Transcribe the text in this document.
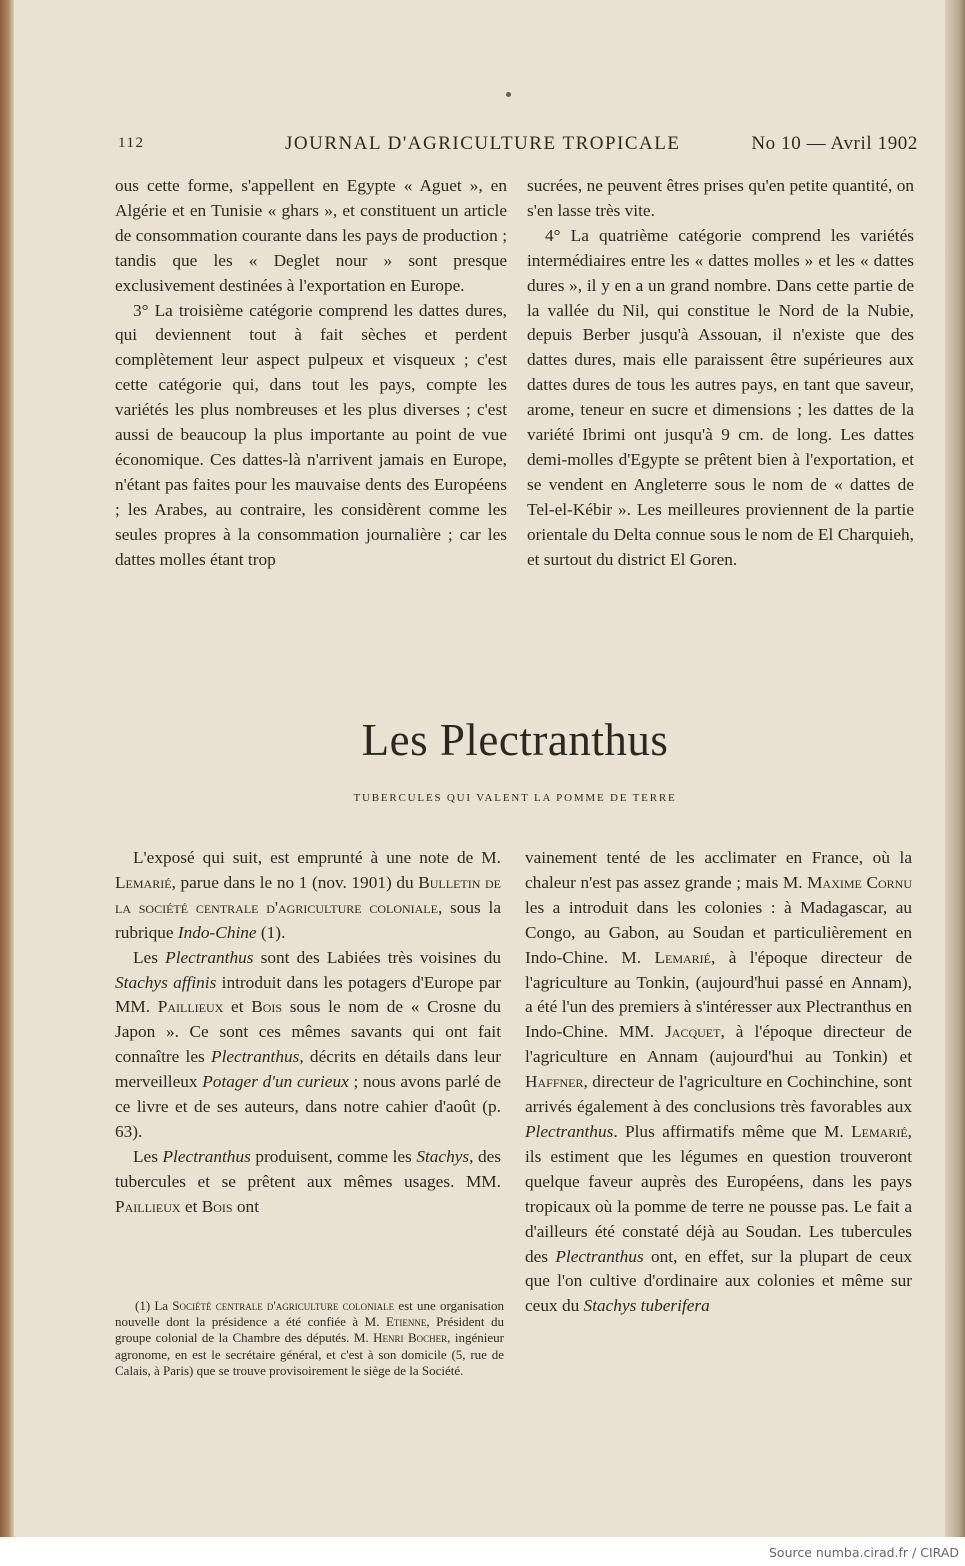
112	JOURNAL D'AGRICULTURE TROPICALE	No 10 — Avril 1902

ous cette forme, s'appellent en Egypte « Aguet », en Algérie et en Tunisie « ghars », et constituent un article de consommation courante dans les pays de production ; tandis que les « Deglet nour » sont presque exclusivement destinées à l'exportation en Europe.

3° La troisième catégorie comprend les dattes dures, qui deviennent tout à fait sèches et perdent complètement leur aspect pulpeux et visqueux ; c'est cette catégorie qui, dans tout les pays, compte les variétés les plus nombreuses et les plus diverses ; c'est aussi de beaucoup la plus importante au point de vue économique. Ces dattes-là n'arrivent jamais en Europe, n'étant pas faites pour les mauvaise dents des Européens ; les Arabes, au contraire, les considèrent comme les seules propres à la consommation journalière ; car les dattes molles étant trop

sucrées, ne peuvent êtres prises qu'en petite quantité, on s'en lasse très vite.

4° La quatrième catégorie comprend les variétés intermédiaires entre les « dattes molles » et les « dattes dures », il y en a un grand nombre. Dans cette partie de la vallée du Nil, qui constitue le Nord de la Nubie, depuis Berber jusqu'à Assouan, il n'existe que des dattes dures, mais elle paraissent être supérieures aux dattes dures de tous les autres pays, en tant que saveur, arome, teneur en sucre et dimensions ; les dattes de la variété Ibrimi ont jusqu'à 9 cm. de long. Les dattes demi-molles d'Egypte se prêtent bien à l'exportation, et se vendent en Angleterre sous le nom de « dattes de Tel-el-Kébir ». Les meilleures proviennent de la partie orientale du Delta connue sous le nom de El Charquieh, et surtout du district El Goren.

Les Plectranthus
TUBERCULES QUI VALENT LA POMME DE TERRE

L'exposé qui suit, est emprunté à une note de M. Lemarié, parue dans le no 1 (nov. 1901) du Bulletin de la société centrale d'agriculture coloniale, sous la rubrique Indo-Chine (1).

Les Plectranthus sont des Labiées très voisines du Stachys affinis introduit dans les potagers d'Europe par MM. Paillieux et Bois sous le nom de « Crosne du Japon ». Ce sont ces mêmes savants qui ont fait connaître les Plectranthus, décrits en détails dans leur merveilleux Potager d'un curieux ; nous avons parlé de ce livre et de ses auteurs, dans notre cahier d'août (p. 63).

Les Plectranthus produisent, comme les Stachys, des tubercules et se prêtent aux mêmes usages. MM. Paillieux et Bois ont

(1) La Société centrale d'agriculture coloniale est une organisation nouvelle dont la présidence a été confiée à M. Etienne, Président du groupe colonial de la Chambre des députés. M. Henri Bocher, ingénieur agronome, en est le secrétaire général, et c'est à son domicile (5, rue de Calais, à Paris) que se trouve provisoirement le siège de la Société.

vainement tenté de les acclimater en France, où la chaleur n'est pas assez grande ; mais M. Maxime Cornu les a introduit dans les colonies : à Madagascar, au Congo, au Gabon, au Soudan et particulièrement en Indo-Chine. M. Lemarié, à l'époque directeur de l'agriculture au Tonkin, (aujourd'hui passé en Annam), a été l'un des premiers à s'intéresser aux Plectranthus en Indo-Chine. MM. Jacquet, à l'époque directeur de l'agriculture en Annam (aujourd'hui au Tonkin) et Haffner, directeur de l'agriculture en Cochinchine, sont arrivés également à des conclusions très favorables aux Plectranthus. Plus affirmatifs même que M. Lemarié, ils estiment que les légumes en question trouveront quelque faveur auprès des Européens, dans les pays tropicaux où la pomme de terre ne pousse pas. Le fait a d'ailleurs été constaté déjà au Soudan. Les tubercules des Plectranthus ont, en effet, sur la plupart de ceux que l'on cultive d'ordinaire aux colonies et même sur ceux du Stachys tuberifera

Source numba.cirad.fr / CIRAD
